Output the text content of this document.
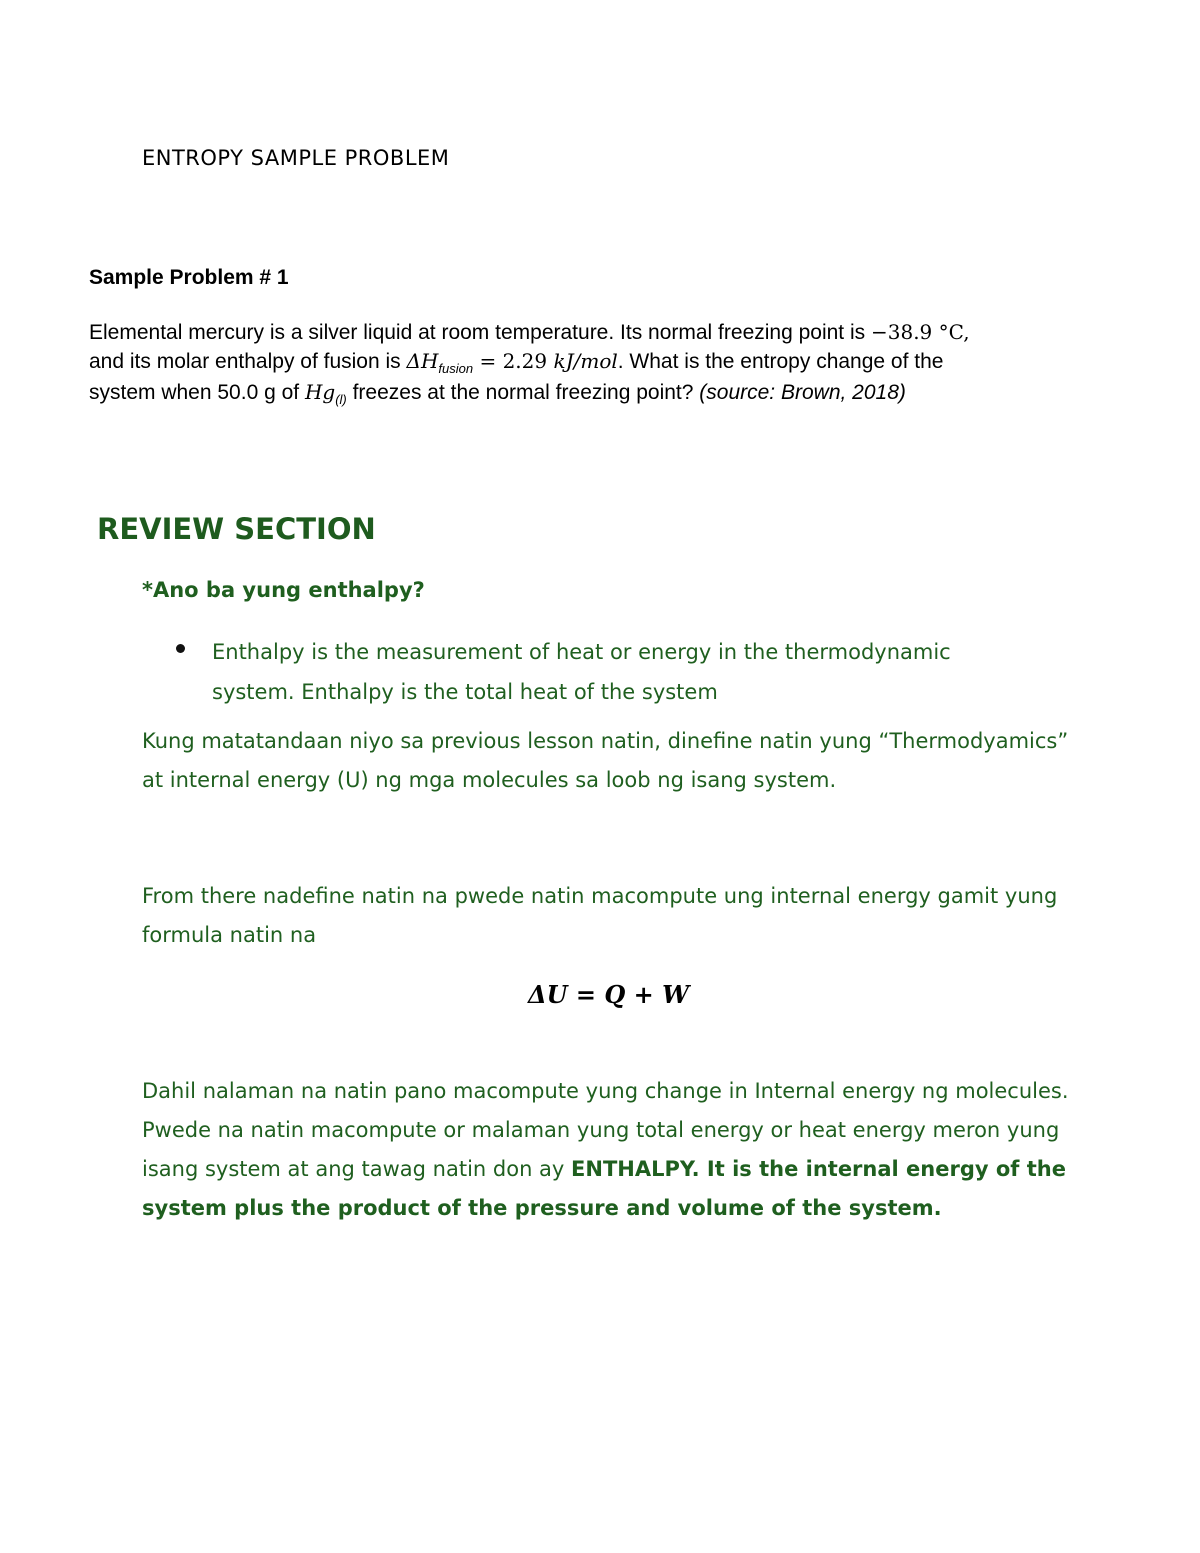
ENTROPY SAMPLE PROBLEM
Sample Problem # 1
Elemental mercury is a silver liquid at room temperature. Its normal freezing point is −38.9 °C,
and its molar enthalpy of fusion is $\Delta H_{fusion} = 2.29$ kJ/mol. What is the entropy change of the
system when 50.0 g of $Hg_{(l)}$ freezes at the normal freezing point? (source: Brown, 2018)
REVIEW SECTION
*Ano ba yung enthalpy?
Enthalpy is the measurement of heat or energy in the thermodynamic system. Enthalpy is the total heat of the system
Kung matatandaan niyo sa previous lesson natin, dinefine natin yung “Thermodyamics” at internal energy (U) ng mga molecules sa loob ng isang system.
From there nadefine natin na pwede natin macompute ung internal energy gamit yung formula natin na
ΔU = Q + W
Dahil nalaman na natin pano macompute yung change in Internal energy ng molecules. Pwede na natin macompute or malaman yung total energy or heat energy meron yung isang system at ang tawag natin don ay ENTHALPY. It is the internal energy of the system plus the product of the pressure and volume of the system.
